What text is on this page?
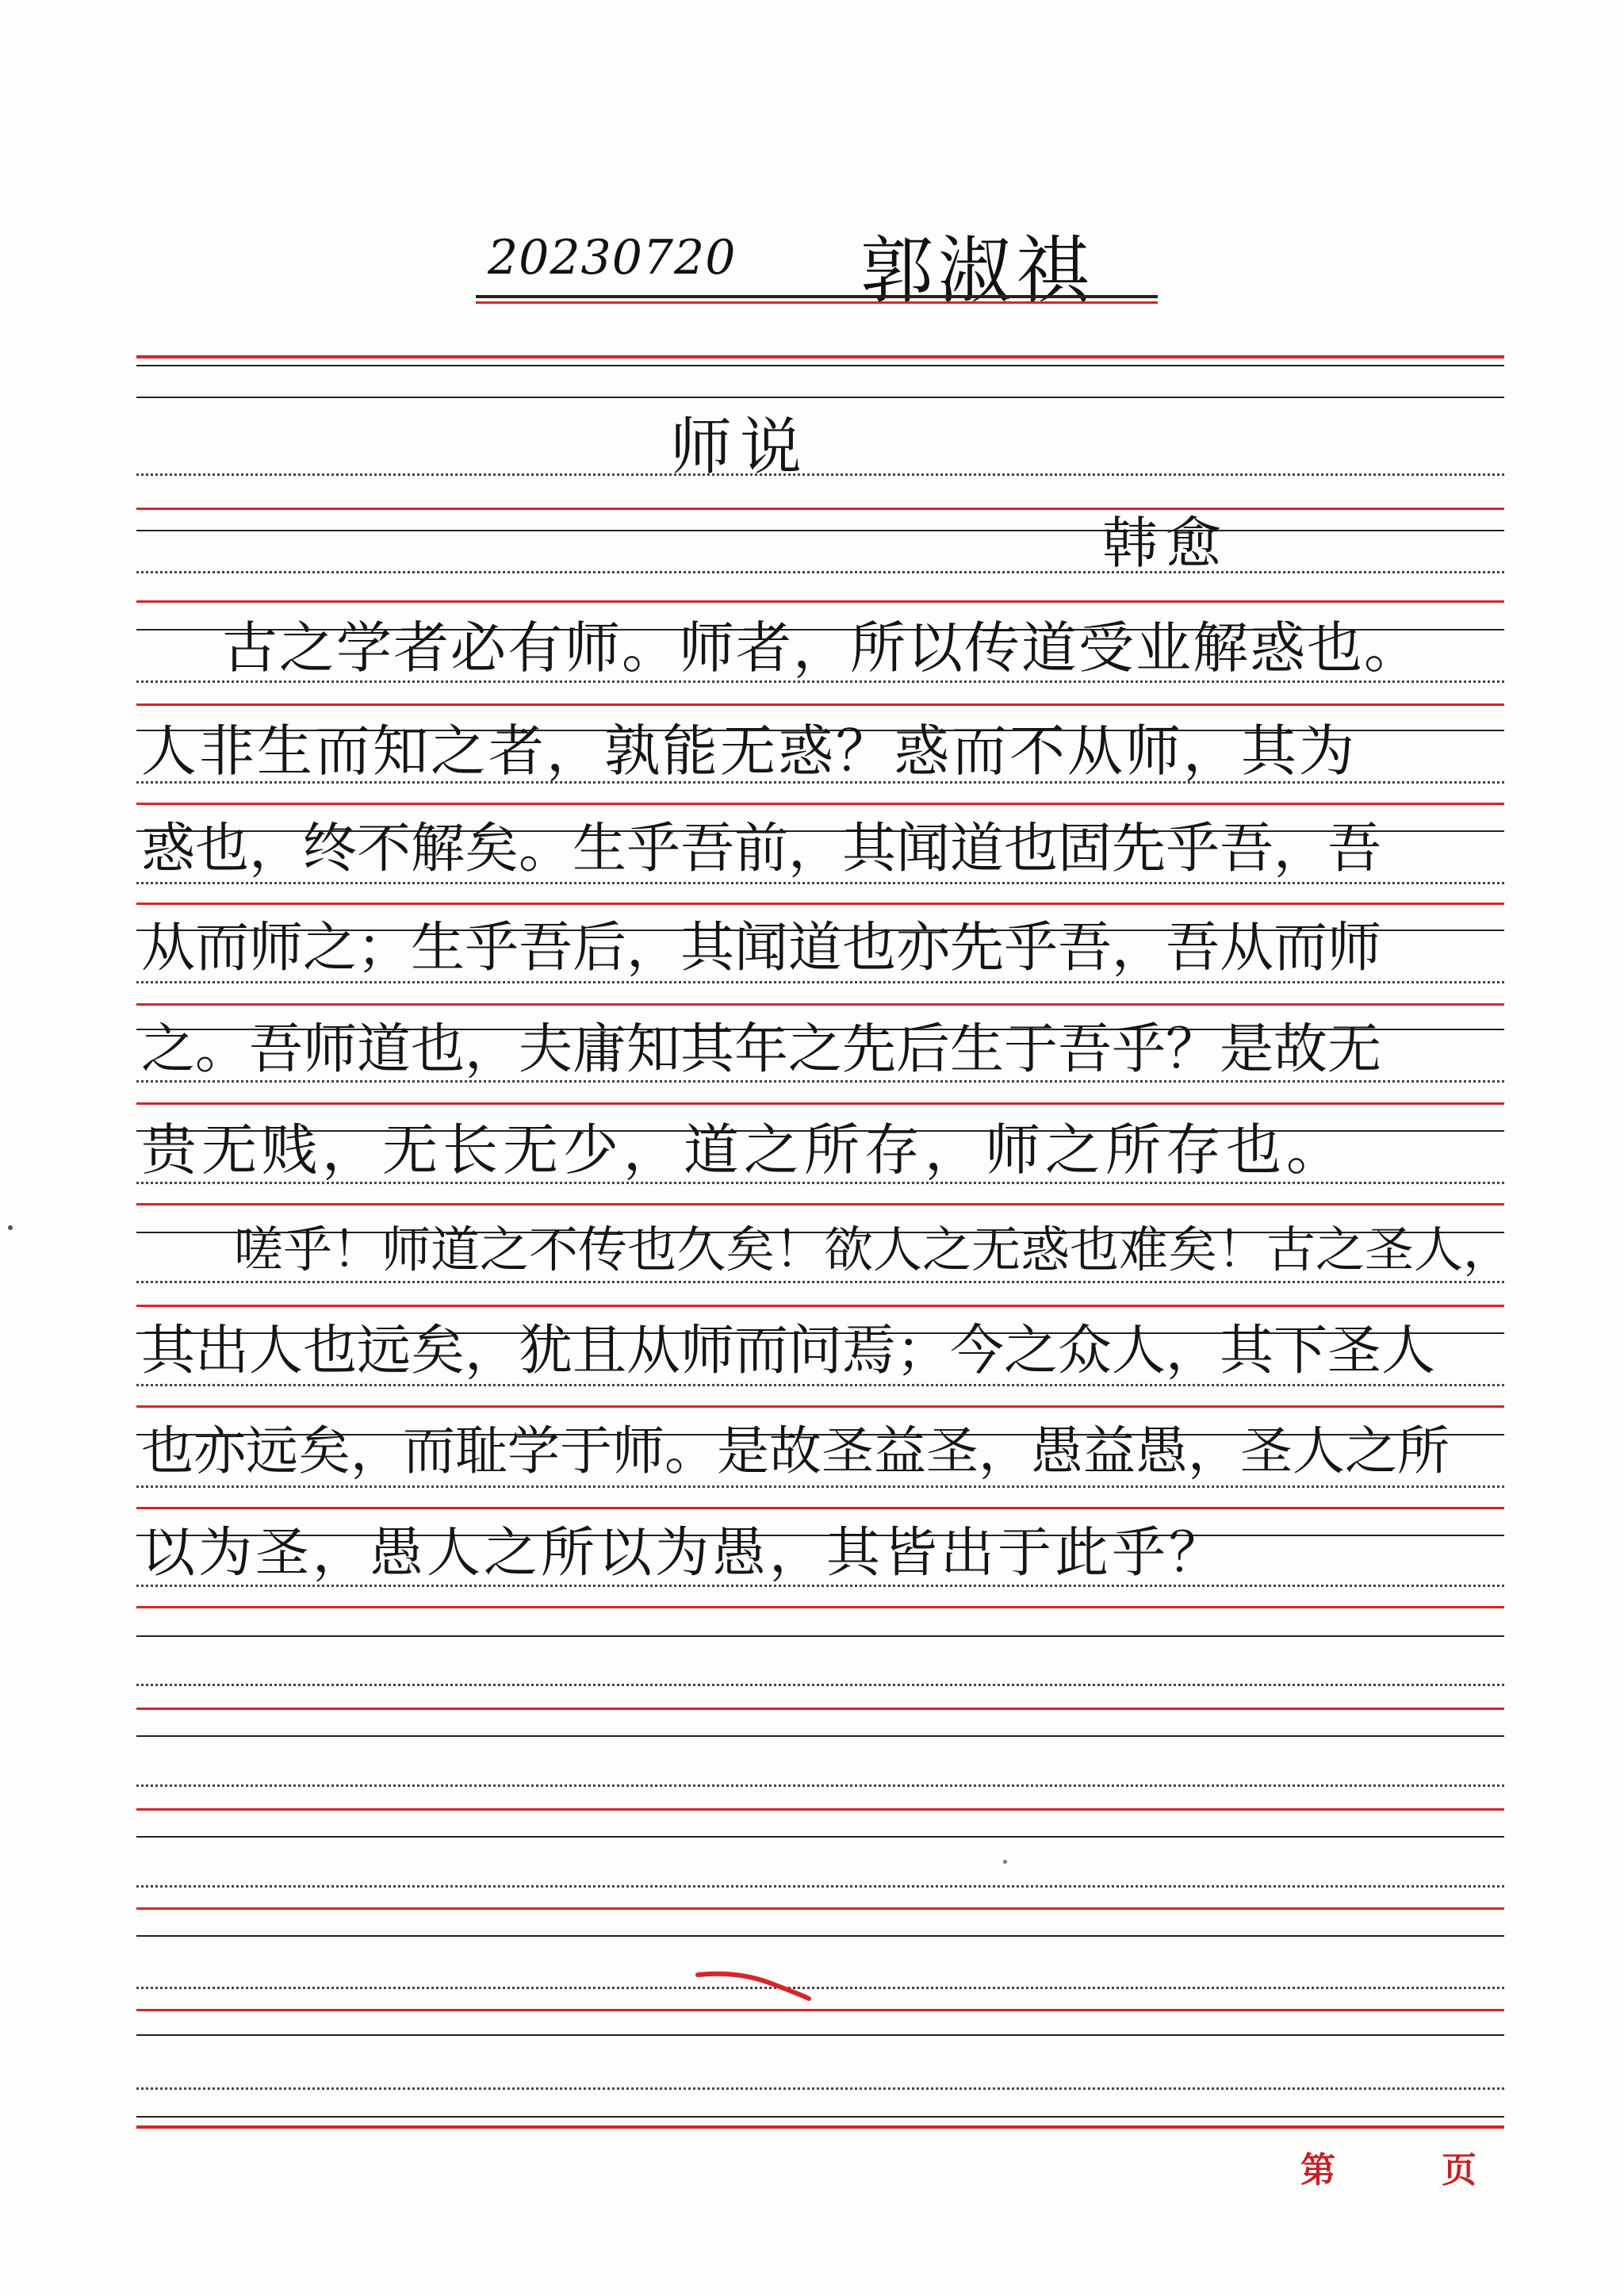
20230720 郭淑祺
师说
韩愈
古之学者必有师。师者，所以传道受业解惑也。
人非生而知之者，孰能无惑？惑而不从师，其为
惑也，终不解矣。生乎吾前，其闻道也固先乎吾，吾
从而师之；生乎吾后，其闻道也亦先乎吾，吾从而师
之。吾师道也，夫庸知其年之先后生于吾乎？是故无
贵无贱，无长无少，道之所存，师之所存也。
嗟乎！师道之不传也久矣！欲人之无惑也难矣！古之圣人，
其出人也远矣，犹且从师而问焉；今之众人，其下圣人
也亦远矣，而耻学于师。是故圣益圣，愚益愚，圣人之所
以为圣，愚人之所以为愚，其皆出于此乎？
第	页
